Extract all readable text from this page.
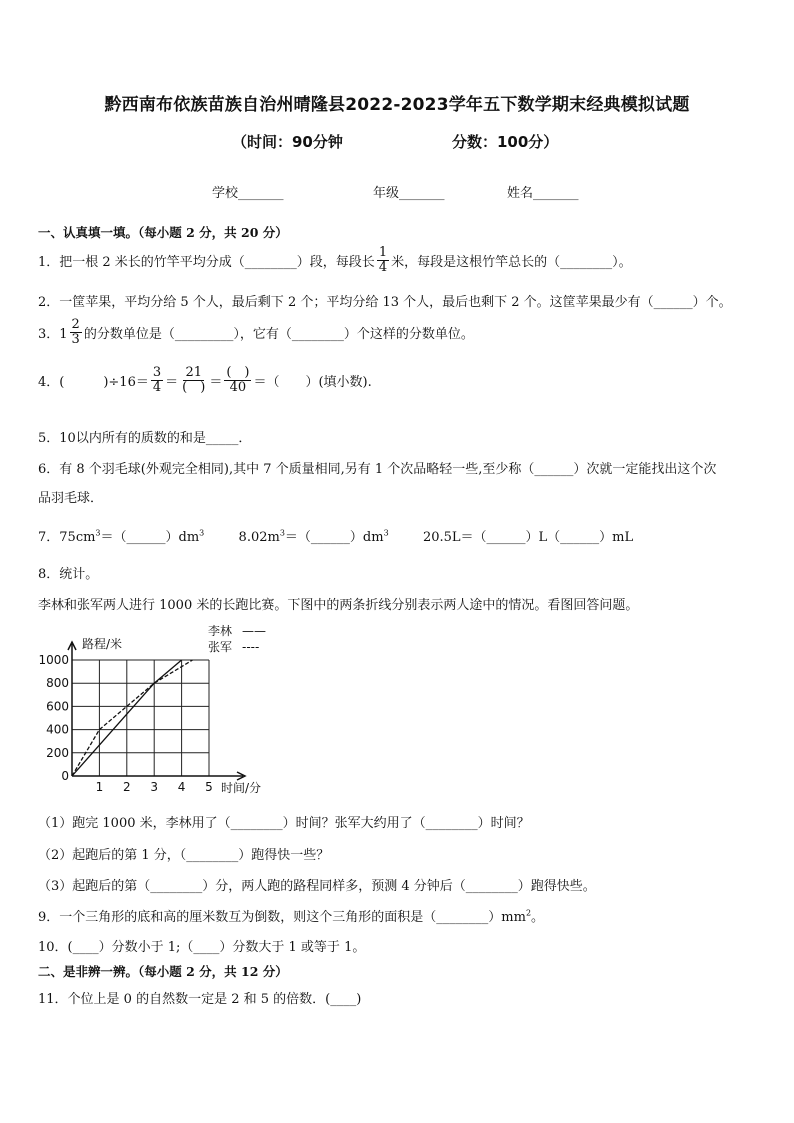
黔西南布依族苗族自治州晴隆县2022-2023学年五下数学期末经典模拟试题
（时间：90分钟	分数：100分）
学校_______	年级_______	姓名_______
一、认真填一填。（每小题 2 分，共 20 分）
1．把一根 2 米长的竹竿平均分成（________）段，每段长 $\frac{1}{4}$ 米，每段是这根竹竿总长的（________）。
2．一筐苹果，平均分给 5 个人，最后剩下 2 个；平均分给 13 个人，最后也剩下 2 个。这筐苹果最少有（______）个。
3．$1 \frac{2}{3}$ 的分数单位是（_________），它有（________）个这样的分数单位。
4．(　　　)$\div 16= \frac{3}{4} = \frac{21}{( )} = \frac{( )}{40}$ ＝（　　）(填小数).
5．10以内所有的质数的和是_____．
6．有 8 个羽毛球(外观完全相同),其中 7 个质量相同,另有 1 个次品略轻一些,至少称（______）次就一定能找出这个次
品羽毛球．
7．$75cm^3=(\_\_\_\_\_\_)dm^3$	$8.02m^3=(\_\_\_\_\_\_)dm^3$	20.5L＝（______）L（______）mL
8．统计。
李林和张军两人进行 1000 米的长跑比赛。下图中的两条折线分别表示两人途中的情况。看图回答问题。
0
200
400
600
800
1000
1 2 3 4 5
路程/米
时间/分
李林 ——
张军 ----
（1）跑完 1000 米，李林用了（________）时间？张军大约用了（________）时间？
（2）起跑后的第 1 分，（________）跑得快一些？
（3）起跑后的第（________）分，两人跑的路程同样多，预测 4 分钟后（________）跑得快些。
9．一个三角形的底和高的厘米数互为倒数，则这个三角形的面积是$(\_\_\_\_\_\_\_\_)mm^2$。
10．(____）分数小于 1;（____）分数大于 1 或等于 1。
二、是非辨一辨。（每小题 2 分，共 12 分）
11．个位上是 0 的自然数一定是 2 和 5 的倍数．(____)
